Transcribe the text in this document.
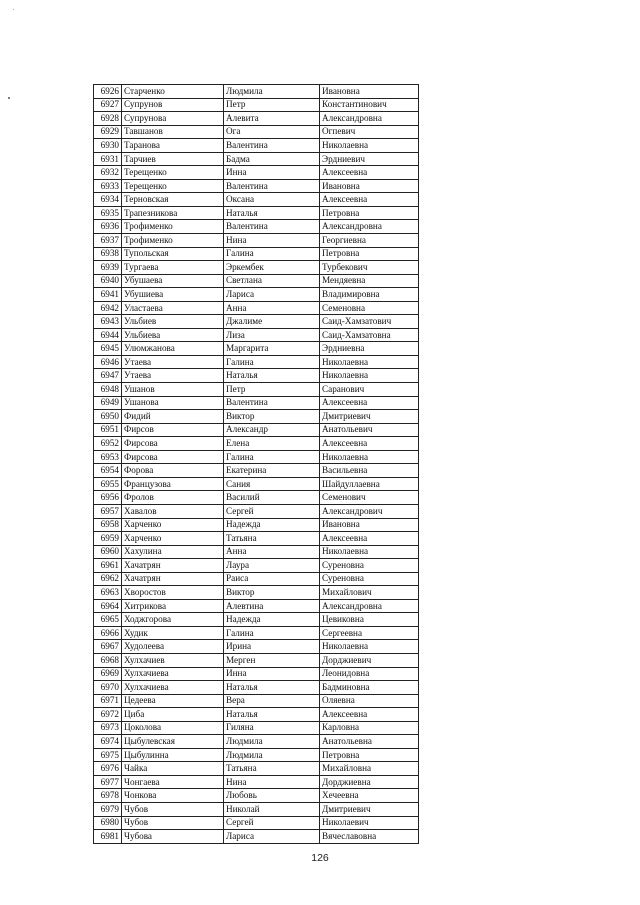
6926	Старченко	Людмила	Ивановна
6927	Супрунов	Петр	Константинович
6928	Супрунова	Алевита	Александровна
6929	Тавшанов	Ога	Огпевич
6930	Таранова	Валентина	Николаевна
6931	Тарчиев	Бадма	Эрдниевич
6932	Терещенко	Инна	Алексеевна
6933	Терещенко	Валентина	Ивановна
6934	Терновская	Оксана	Алексеевна
6935	Трапезникова	Наталья	Петровна
6936	Трофименко	Валентина	Александровна
6937	Трофименко	Нина	Георгиевна
6938	Тупольская	Галина	Петровна
6939	Тургаева	Эркембек	Турбекович
6940	Убушаева	Светлана	Мендяевна
6941	Убушиева	Лариса	Владимировна
6942	Уластаева	Анна	Семеновна
6943	Ульбиев	Джалиме	Саид-Хамзатович
6944	Ульбиева	Лиза	Саид-Хамзатовна
6945	Улюмжанова	Маргарита	Эрдниевна
6946	Утаева	Галина	Николаевна
6947	Утаева	Наталья	Николаевна
6948	Ушанов	Петр	Саранович
6949	Ушанова	Валентина	Алексеевна
6950	Фидий	Виктор	Дмитриевич
6951	Фирсов	Александр	Анатольевич
6952	Фирсова	Елена	Алексеевна
6953	Фирсова	Галина	Николаевна
6954	Форова	Екатерина	Васильевна
6955	Французова	Сания	Шайдуллаевна
6956	Фролов	Василий	Семенович
6957	Хавалов	Сергей	Александрович
6958	Харченко	Надежда	Ивановна
6959	Харченко	Татьяна	Алексеевна
6960	Хахулина	Анна	Николаевна
6961	Хачатрян	Лаура	Суреновна
6962	Хачатрян	Раиса	Суреновна
6963	Хворостов	Виктор	Михайлович
6964	Хитрикова	Алевтина	Александровна
6965	Ходжгорова	Надежда	Цевиковна
6966	Худик	Галина	Сергеевна
6967	Худолеева	Ирина	Николаевна
6968	Хулхачиев	Мерген	Дорджиевич
6969	Хулхачиева	Инна	Леонидовна
6970	Хулхачиева	Наталья	Бадминовна
6971	Цедеева	Вера	Оляевна
6972	Циба	Наталья	Алексеевна
6973	Цоколова	Гиляна	Карловна
6974	Цыбулевская	Людмила	Анатольевна
6975	Цыбулинна	Людмила	Петровна
6976	Чайка	Татьяна	Михайловна
6977	Чонгаева	Нина	Дорджиевна
6978	Чонкова	Любовь	Хечеевна
6979	Чубов	Николай	Дмитриевич
6980	Чубов	Сергей	Николаевич
6981	Чубова	Лариса	Вячеславовна
126
